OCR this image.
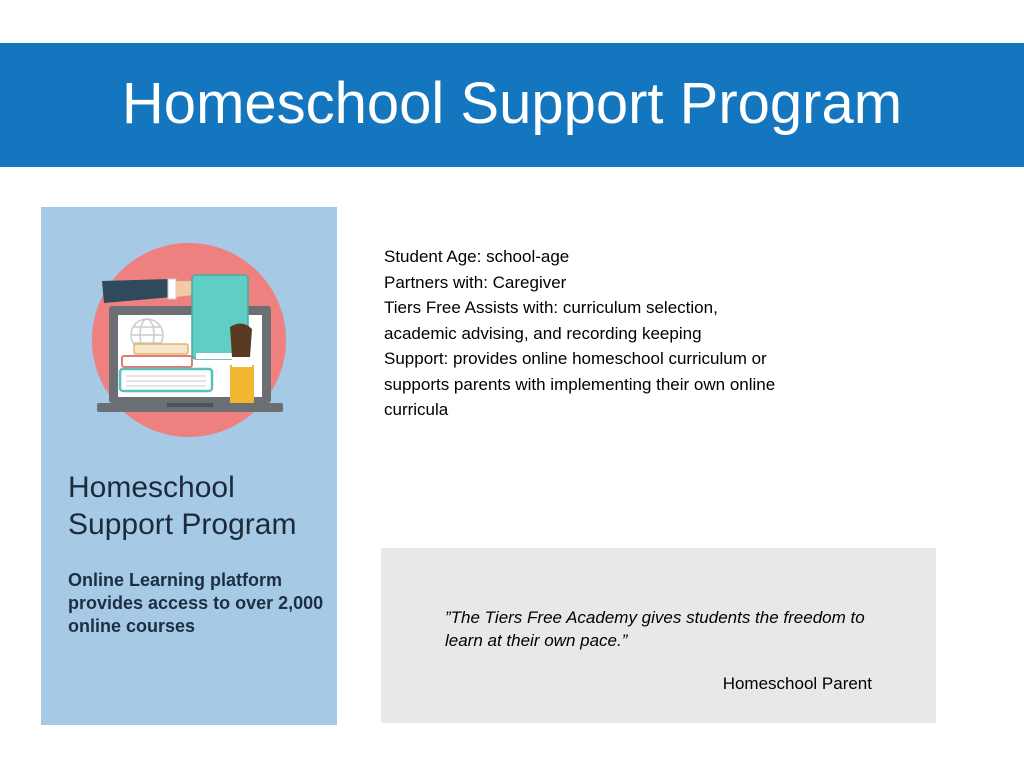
Homeschool Support Program
Homeschool
Support Program
Online Learning platform provides access to over 2,000 online courses
Student Age: school-age
Partners with: Caregiver
Tiers Free Assists with: curriculum selection,
academic advising, and recording keeping
Support: provides online homeschool curriculum or
supports parents with implementing their own online
curricula

”The Tiers Free Academy gives students the freedom to learn at their own pace.”

Homeschool Parent
